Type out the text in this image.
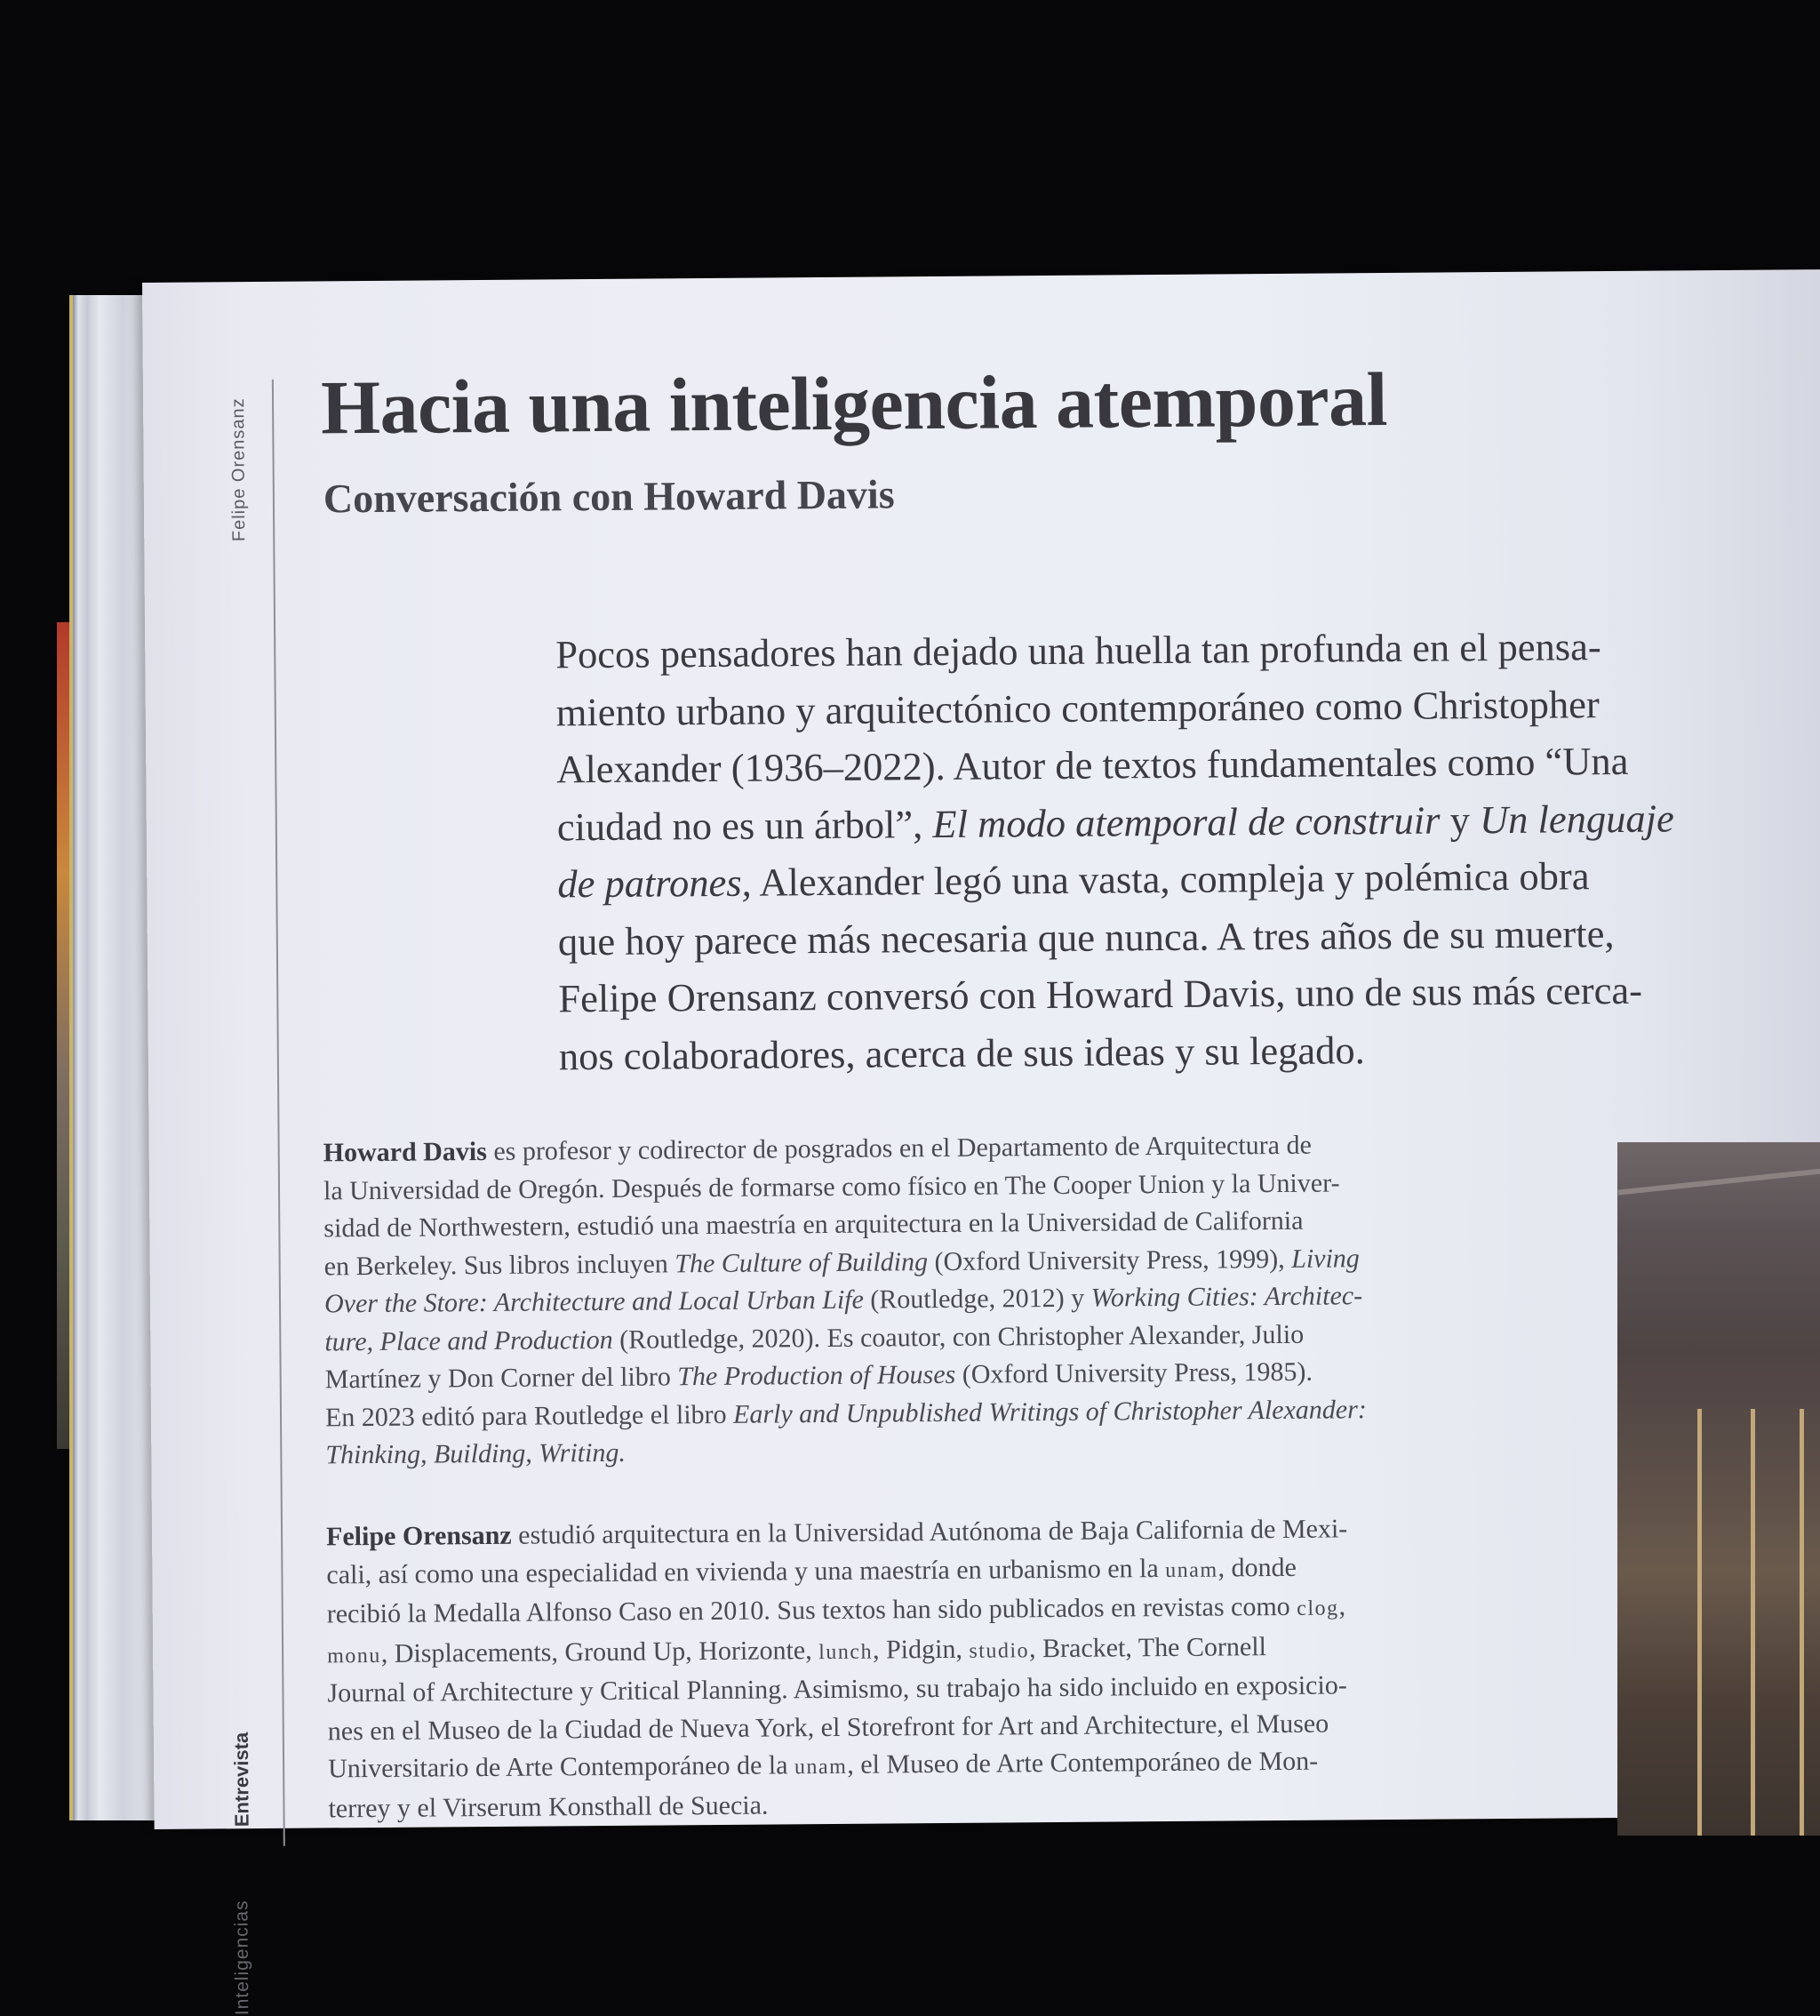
Felipe Orensanz
Entrevista
Inteligencias
Hacia una inteligencia atemporal
Conversación con Howard Davis

Pocos pensadores han dejado una huella tan profunda en el pensa-
miento urbano y arquitectónico contemporáneo como Christopher
Alexander (1936–2022). Autor de textos fundamentales como “Una
ciudad no es un árbol”, El modo atemporal de construir y Un lenguaje
de patrones, Alexander legó una vasta, compleja y polémica obra
que hoy parece más necesaria que nunca. A tres años de su muerte,
Felipe Orensanz conversó con Howard Davis, uno de sus más cerca-
nos colaboradores, acerca de sus ideas y su legado.

Howard Davis es profesor y codirector de posgrados en el Departamento de Arquitectura de
la Universidad de Oregón. Después de formarse como físico en The Cooper Union y la Univer-
sidad de Northwestern, estudió una maestría en arquitectura en la Universidad de California
en Berkeley. Sus libros incluyen The Culture of Building (Oxford University Press, 1999), Living
Over the Store: Architecture and Local Urban Life (Routledge, 2012) y Working Cities: Architec-
ture, Place and Production (Routledge, 2020). Es coautor, con Christopher Alexander, Julio
Martínez y Don Corner del libro The Production of Houses (Oxford University Press, 1985).
En 2023 editó para Routledge el libro Early and Unpublished Writings of Christopher Alexander:
Thinking, Building, Writing.

Felipe Orensanz estudió arquitectura en la Universidad Autónoma de Baja California de Mexi-
cali, así como una especialidad en vivienda y una maestría en urbanismo en la unam, donde
recibió la Medalla Alfonso Caso en 2010. Sus textos han sido publicados en revistas como clog,
monu, Displacements, Ground Up, Horizonte, lunch, Pidgin, studio, Bracket, The Cornell
Journal of Architecture y Critical Planning. Asimismo, su trabajo ha sido incluido en exposicio-
nes en el Museo de la Ciudad de Nueva York, el Storefront for Art and Architecture, el Museo
Universitario de Arte Contemporáneo de la unam, el Museo de Arte Contemporáneo de Mon-
terrey y el Virserum Konsthall de Suecia.
